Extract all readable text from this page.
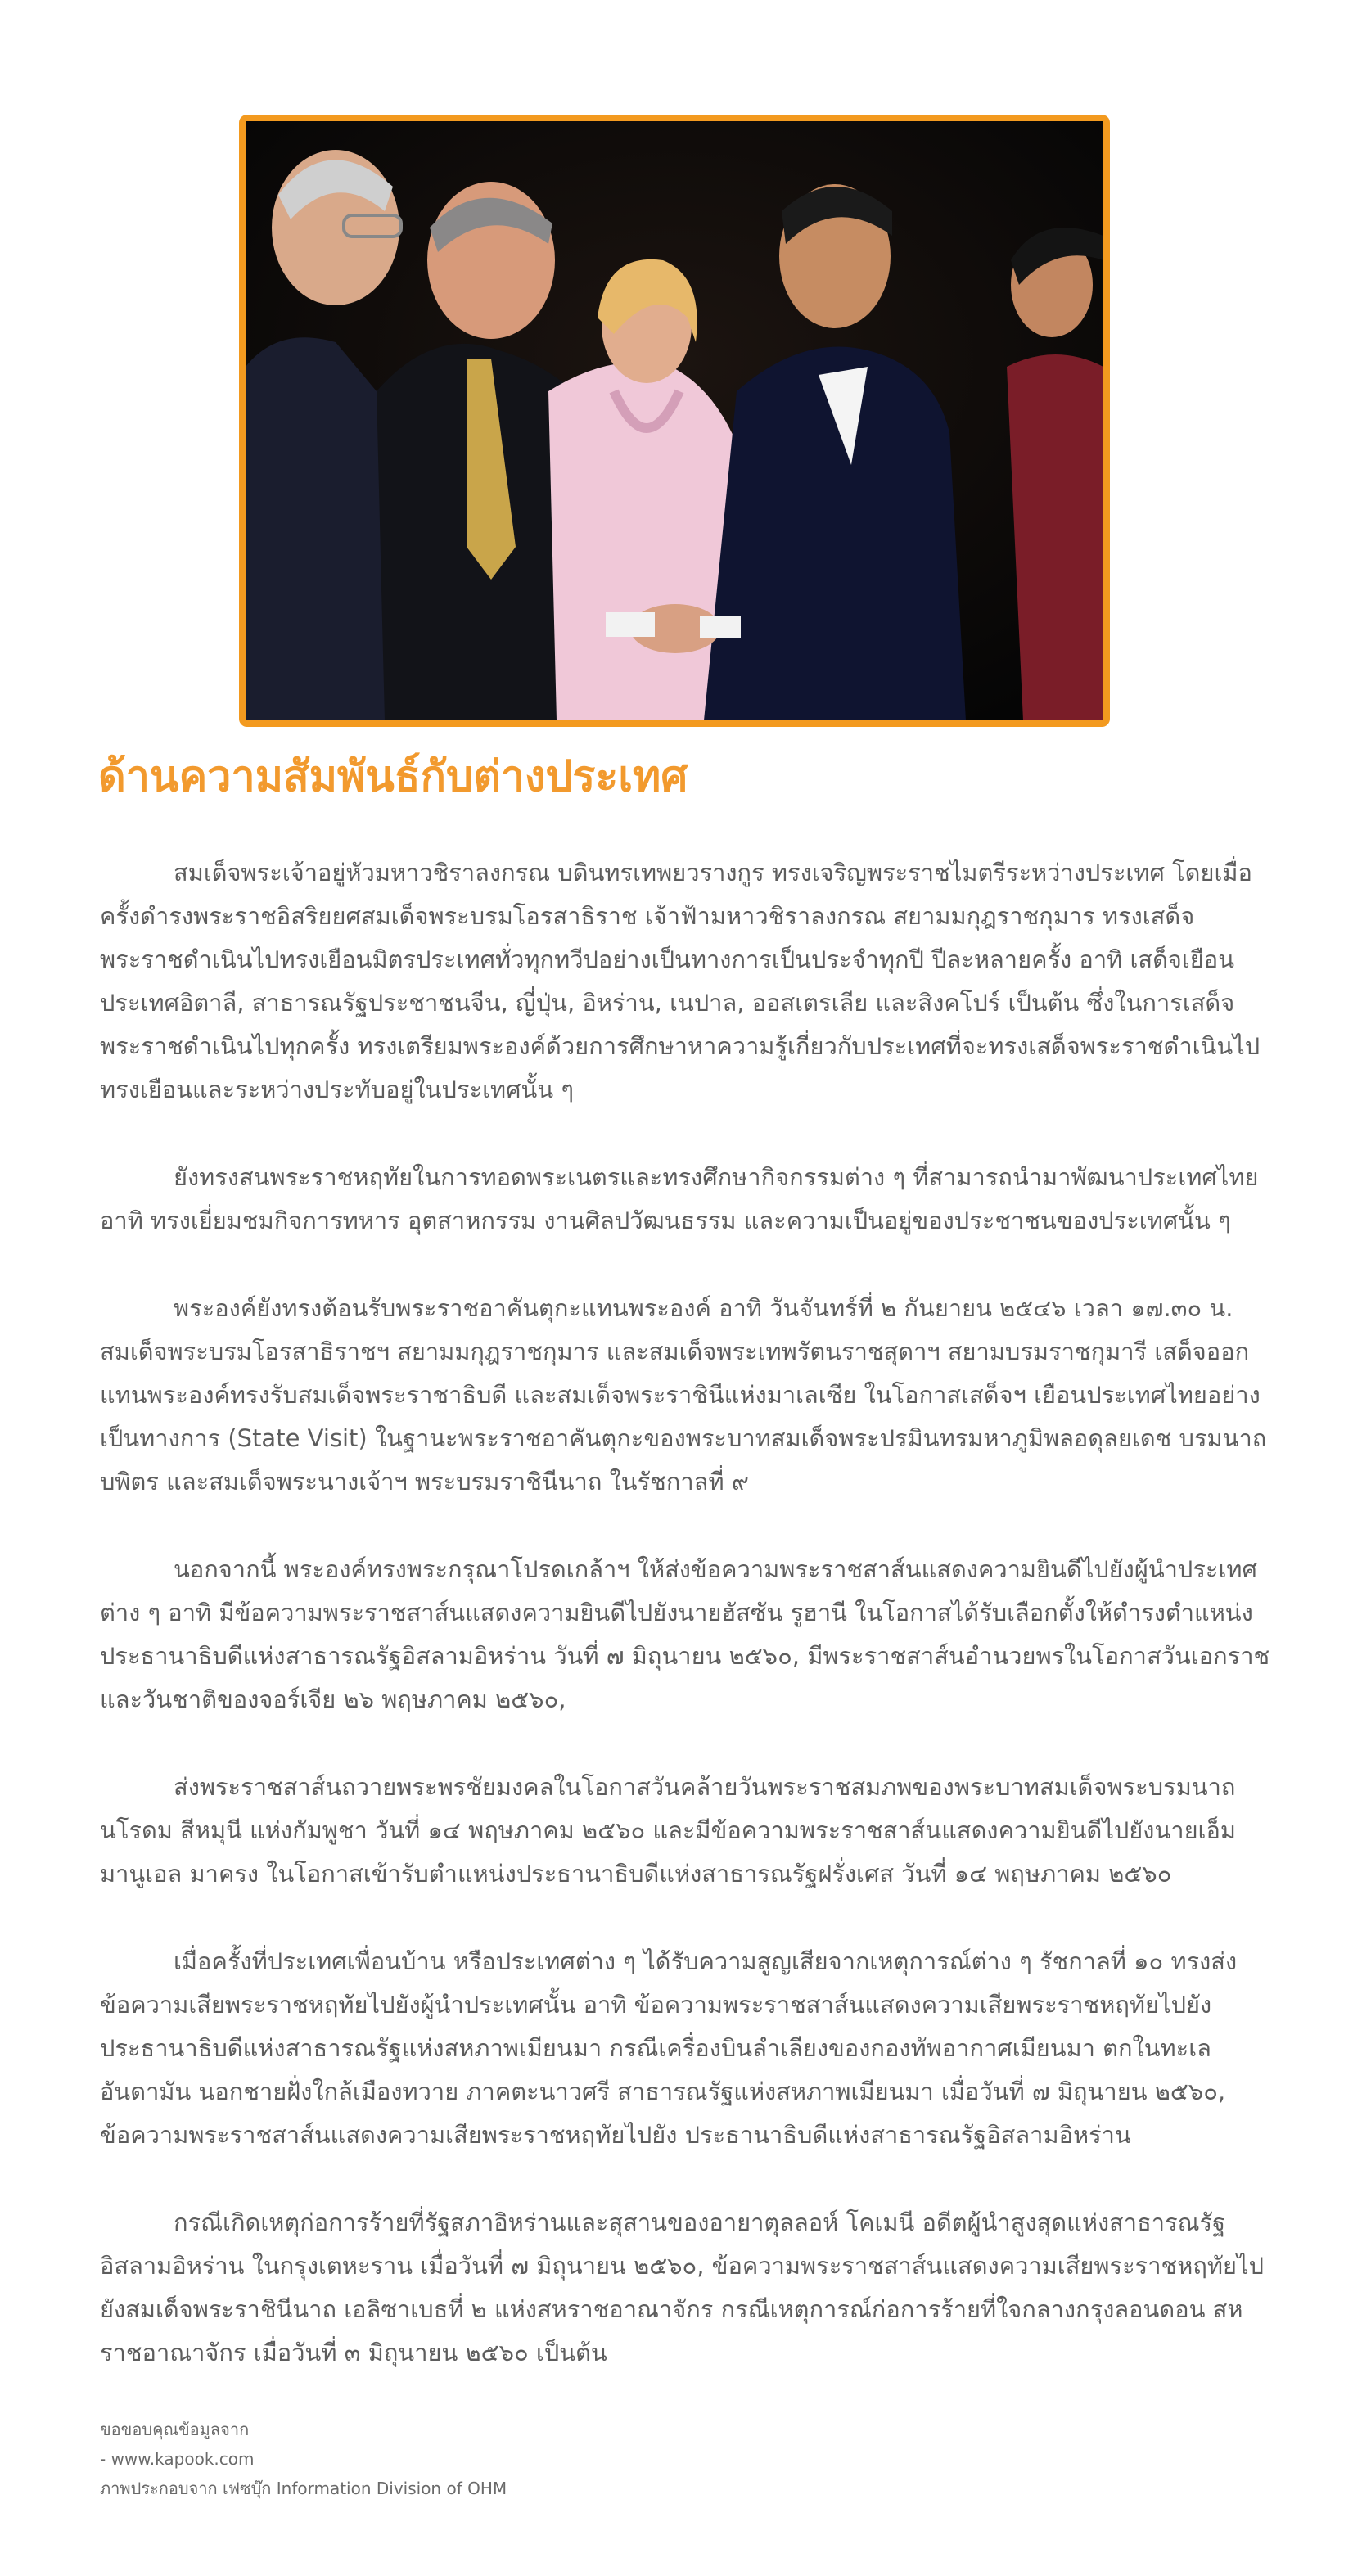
ด้านความสัมพันธ์กับต่างประเทศ

สมเด็จพระเจ้าอยู่หัวมหาวชิราลงกรณ บดินทรเทพยวรางกูร ทรงเจริญพระราชไมตรีระหว่างประเทศ โดยเมื่อครั้งดำรงพระราชอิสริยยศสมเด็จพระบรมโอรสาธิราช เจ้าฟ้ามหาวชิราลงกรณ สยามมกุฎราชกุมาร ทรงเสด็จพระราชดำเนินไปทรงเยือนมิตรประเทศทั่วทุกทวีปอย่างเป็นทางการเป็นประจำทุกปี ปีละหลายครั้ง อาทิ เสด็จเยือนประเทศอิตาลี, สาธารณรัฐประชาชนจีน, ญี่ปุ่น, อิหร่าน, เนปาล, ออสเตรเลีย และสิงคโปร์ เป็นต้น ซึ่งในการเสด็จพระราชดำเนินไปทุกครั้ง ทรงเตรียมพระองค์ด้วยการศึกษาหาความรู้เกี่ยวกับประเทศที่จะทรงเสด็จพระราชดำเนินไปทรงเยือนและระหว่างประทับอยู่ในประเทศนั้น ๆ

ยังทรงสนพระราชหฤทัยในการทอดพระเนตรและทรงศึกษากิจกรรมต่าง ๆ ที่สามารถนำมาพัฒนาประเทศไทย อาทิ ทรงเยี่ยมชมกิจการทหาร อุตสาหกรรม งานศิลปวัฒนธรรม และความเป็นอยู่ของประชาชนของประเทศนั้น ๆ

พระองค์ยังทรงต้อนรับพระราชอาคันตุกะแทนพระองค์ อาทิ วันจันทร์ที่ ๒ กันยายน ๒๕๔๖ เวลา ๑๗.๓๐ น. สมเด็จพระบรมโอรสาธิราชฯ สยามมกุฎราชกุมาร และสมเด็จพระเทพรัตนราชสุดาฯ สยามบรมราชกุมารี เสด็จออกแทนพระองค์ทรงรับสมเด็จพระราชาธิบดี และสมเด็จพระราชินีแห่งมาเลเซีย ในโอกาสเสด็จฯ เยือนประเทศไทยอย่างเป็นทางการ (State Visit) ในฐานะพระราชอาคันตุกะของพระบาทสมเด็จพระปรมินทรมหาภูมิพลอดุลยเดช บรมนาถบพิตร และสมเด็จพระนางเจ้าฯ พระบรมราชินีนาถ ในรัชกาลที่ ๙

นอกจากนี้ พระองค์ทรงพระกรุณาโปรดเกล้าฯ ให้ส่งข้อความพระราชสาส์นแสดงความยินดีไปยังผู้นำประเทศต่าง ๆ อาทิ มีข้อความพระราชสาส์นแสดงความยินดีไปยังนายฮัสซัน รูฮานี ในโอกาสได้รับเลือกตั้งให้ดำรงตำแหน่งประธานาธิบดีแห่งสาธารณรัฐอิสลามอิหร่าน วันที่ ๗ มิถุนายน ๒๕๖๐, มีพระราชสาส์นอำนวยพรในโอกาสวันเอกราชและวันชาติของจอร์เจีย ๒๖ พฤษภาคม ๒๕๖๐,

ส่งพระราชสาส์นถวายพระพรชัยมงคลในโอกาสวันคล้ายวันพระราชสมภพของพระบาทสมเด็จพระบรมนาถนโรดม สีหมุนี แห่งกัมพูชา วันที่ ๑๔ พฤษภาคม ๒๕๖๐ และมีข้อความพระราชสาส์นแสดงความยินดีไปยังนายเอ็มมานูเอล มาครง ในโอกาสเข้ารับตำแหน่งประธานาธิบดีแห่งสาธารณรัฐฝรั่งเศส วันที่ ๑๔ พฤษภาคม ๒๕๖๐

เมื่อครั้งที่ประเทศเพื่อนบ้าน หรือประเทศต่าง ๆ ได้รับความสูญเสียจากเหตุการณ์ต่าง ๆ รัชกาลที่ ๑๐ ทรงส่งข้อความเสียพระราชหฤทัยไปยังผู้นำประเทศนั้น อาทิ ข้อความพระราชสาส์นแสดงความเสียพระราชหฤทัยไปยังประธานาธิบดีแห่งสาธารณรัฐแห่งสหภาพเมียนมา กรณีเครื่องบินลำเลียงของกองทัพอากาศเมียนมา ตกในทะเลอันดามัน นอกชายฝั่งใกล้เมืองทวาย ภาคตะนาวศรี สาธารณรัฐแห่งสหภาพเมียนมา เมื่อวันที่ ๗ มิถุนายน ๒๕๖๐, ข้อความพระราชสาส์นแสดงความเสียพระราชหฤทัยไปยัง ประธานาธิบดีแห่งสาธารณรัฐอิสลามอิหร่าน

กรณีเกิดเหตุก่อการร้ายที่รัฐสภาอิหร่านและสุสานของอายาตุลลอห์ โคเมนี อดีตผู้นำสูงสุดแห่งสาธารณรัฐอิสลามอิหร่าน ในกรุงเตหะราน เมื่อวันที่ ๗ มิถุนายน ๒๕๖๐, ข้อความพระราชสาส์นแสดงความเสียพระราชหฤทัยไปยังสมเด็จพระราชินีนาถ เอลิซาเบธที่ ๒ แห่งสหราชอาณาจักร กรณีเหตุการณ์ก่อการร้ายที่ใจกลางกรุงลอนดอน สหราชอาณาจักร เมื่อวันที่ ๓ มิถุนายน ๒๕๖๐ เป็นต้น

ขอขอบคุณข้อมูลจาก
- www.kapook.com
ภาพประกอบจาก เฟซบุ๊ก Information Division of OHM
